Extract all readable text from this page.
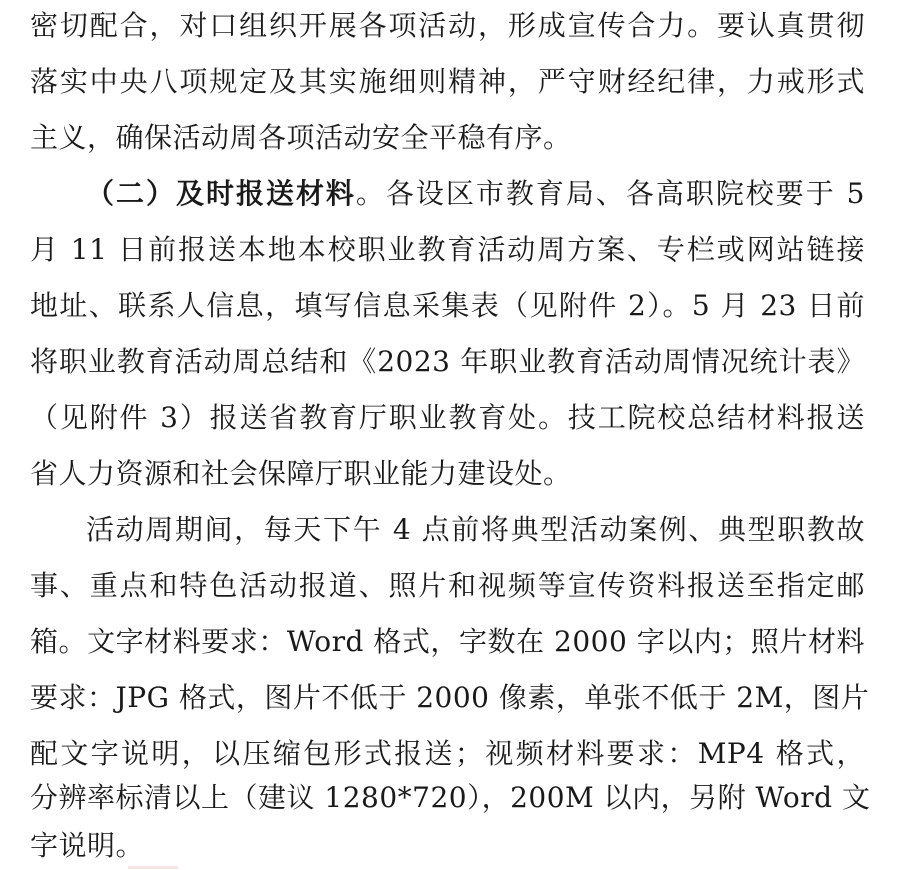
密切配合，对口组织开展各项活动，形成宣传合力。要认真贯彻
落实中央八项规定及其实施细则精神，严守财经纪律，力戒形式
主义，确保活动周各项活动安全平稳有序。
（二）及时报送材料。各设区市教育局、各高职院校要于 5
月 11 日前报送本地本校职业教育活动周方案、专栏或网站链接
地址、联系人信息，填写信息采集表（见附件 2）。5 月 23 日前
将职业教育活动周总结和《2023 年职业教育活动周情况统计表》
（见附件 3）报送省教育厅职业教育处。技工院校总结材料报送
省人力资源和社会保障厅职业能力建设处。
活动周期间，每天下午 4 点前将典型活动案例、典型职教故
事、重点和特色活动报道、照片和视频等宣传资料报送至指定邮
箱。文字材料要求：Word 格式，字数在 2000 字以内；照片材料
要求：JPG 格式，图片不低于 2000 像素，单张不低于 2M，图片
配文字说明，以压缩包形式报送；视频材料要求：MP4 格式，
分辨率标清以上（建议 1280*720），200M 以内，另附 Word 文
字说明。
